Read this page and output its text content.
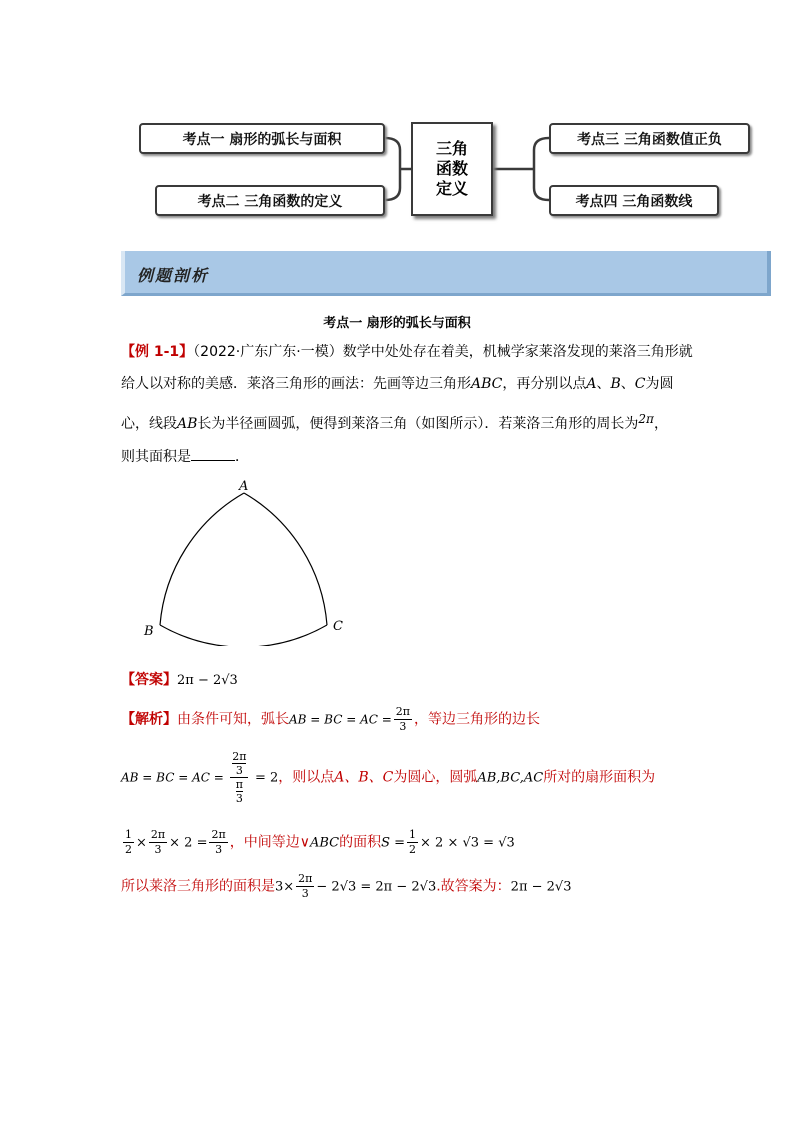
三角
函数
定义
考点一 扇形的弧长与面积
考点二 三角函数的定义
考点三 三角函数值正负
考点四 三角函数线
例题剖析
考点一 扇形的弧长与面积
【例 1-1】（2022·广东广东·一模）数学中处处存在着美，机械学家莱洛发现的莱洛三角形就
给人以对称的美感．莱洛三角形的画法：先画等边三角形ABC，再分别以点A、B、C为圆
心，线段AB长为半径画圆弧，便得到莱洛三角（如图所示）．若莱洛三角形的周长为2π，
则其面积是	．
A
B	C
【答案】2π − 2√3
【解析】由条件可知，弧长AB = BC = AC = $\frac{2\pi}{3}$ ，等边三角形的边长
AB = BC = AC = $\frac{\frac{2\pi}{3}}{\frac{\pi}{3}} = 2$，则以点A、B、C为圆心，圆弧AB,BC,AC所对的扇形面积为
$\frac{1}{2} \times \frac{2\pi}{3} \times 2 = \frac{2\pi}{3}$ ，中间等边∨ABC的面积$S = \frac{1}{2} \times 2 \times √3 = √3$
所以莱洛三角形的面积是$3\times \frac{2\pi}{3} - 2√3 = 2\pi - 2√3$.故答案为：2π − 2√3
